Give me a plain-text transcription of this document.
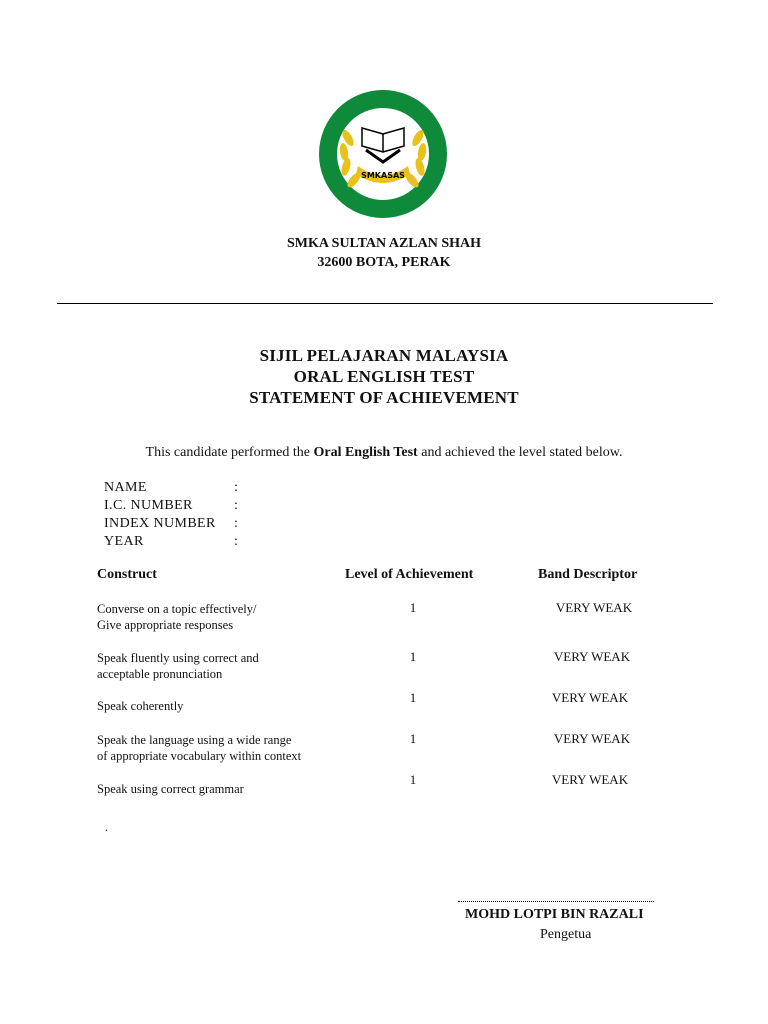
SMKASAS
SMKA SULTAN AZLAN SHAH
32600 BOTA, PERAK
SIJIL PELAJARAN MALAYSIA
ORAL ENGLISH TEST
STATEMENT OF ACHIEVEMENT
This candidate performed the Oral English Test and achieved the level stated below.
NAME	:
I.C. NUMBER	:
INDEX NUMBER :
YEAR	:
Construct	Level of Achievement	Band Descriptor
Converse on a topic effectively/
Give appropriate responses
1	VERY WEAK
Speak fluently using correct and
acceptable pronunciation
1	VERY WEAK
Speak coherently
1	VERY WEAK
Speak the language using a wide range
of appropriate vocabulary within context
1	VERY WEAK
Speak using correct grammar
1	VERY WEAK
.
MOHD LOTPI BIN RAZALI
Pengetua
